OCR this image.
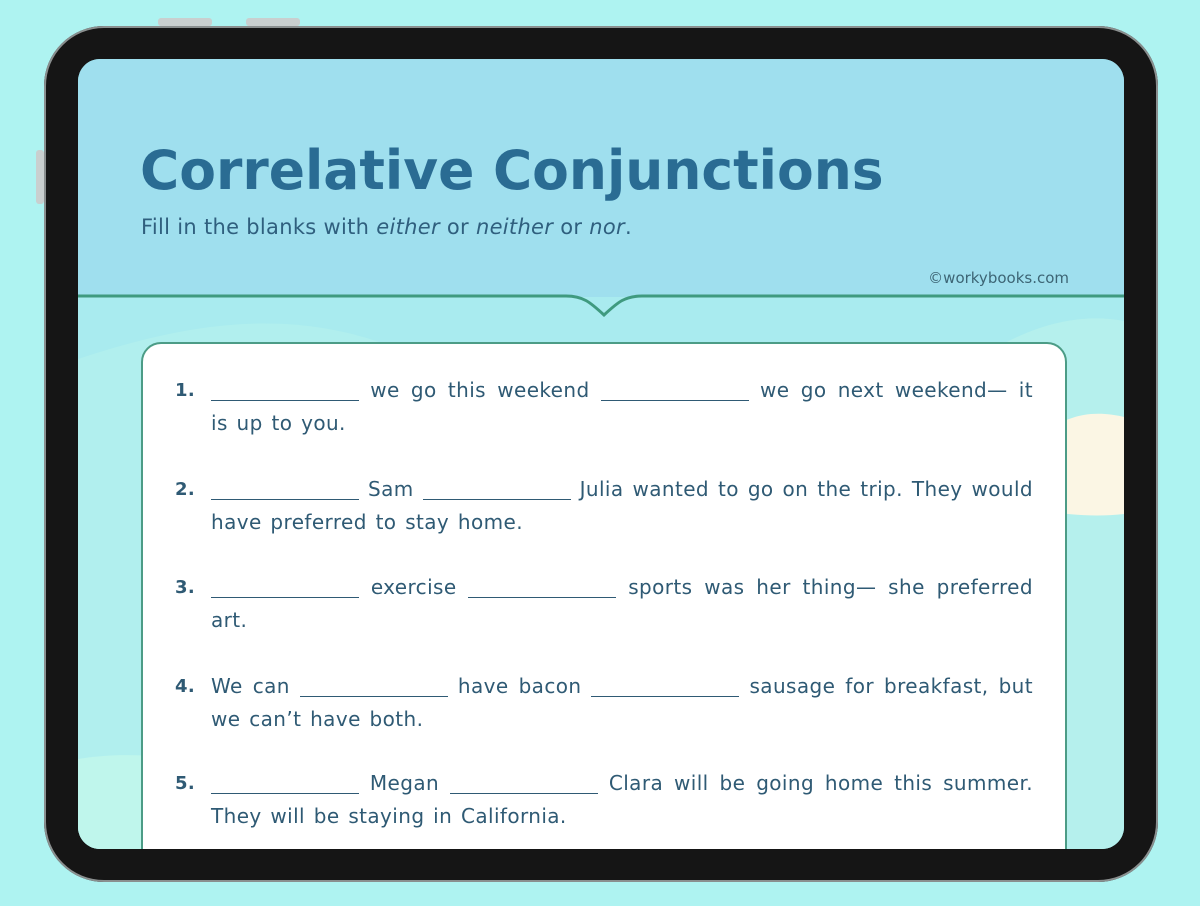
Correlative Conjunctions
Fill in the blanks with either or neither or nor.
©workybooks.com
1.	we go this weekend	we go next weekend— it is up to you.
2.	Sam	Julia wanted to go on the trip. They would have preferred to stay home.
3.	exercise	sports was her thing— she preferred art.
4. We can	have bacon	sausage for breakfast, but we can’t have both.
5.	Megan	Clara will be going home this summer. They will be staying in California.
